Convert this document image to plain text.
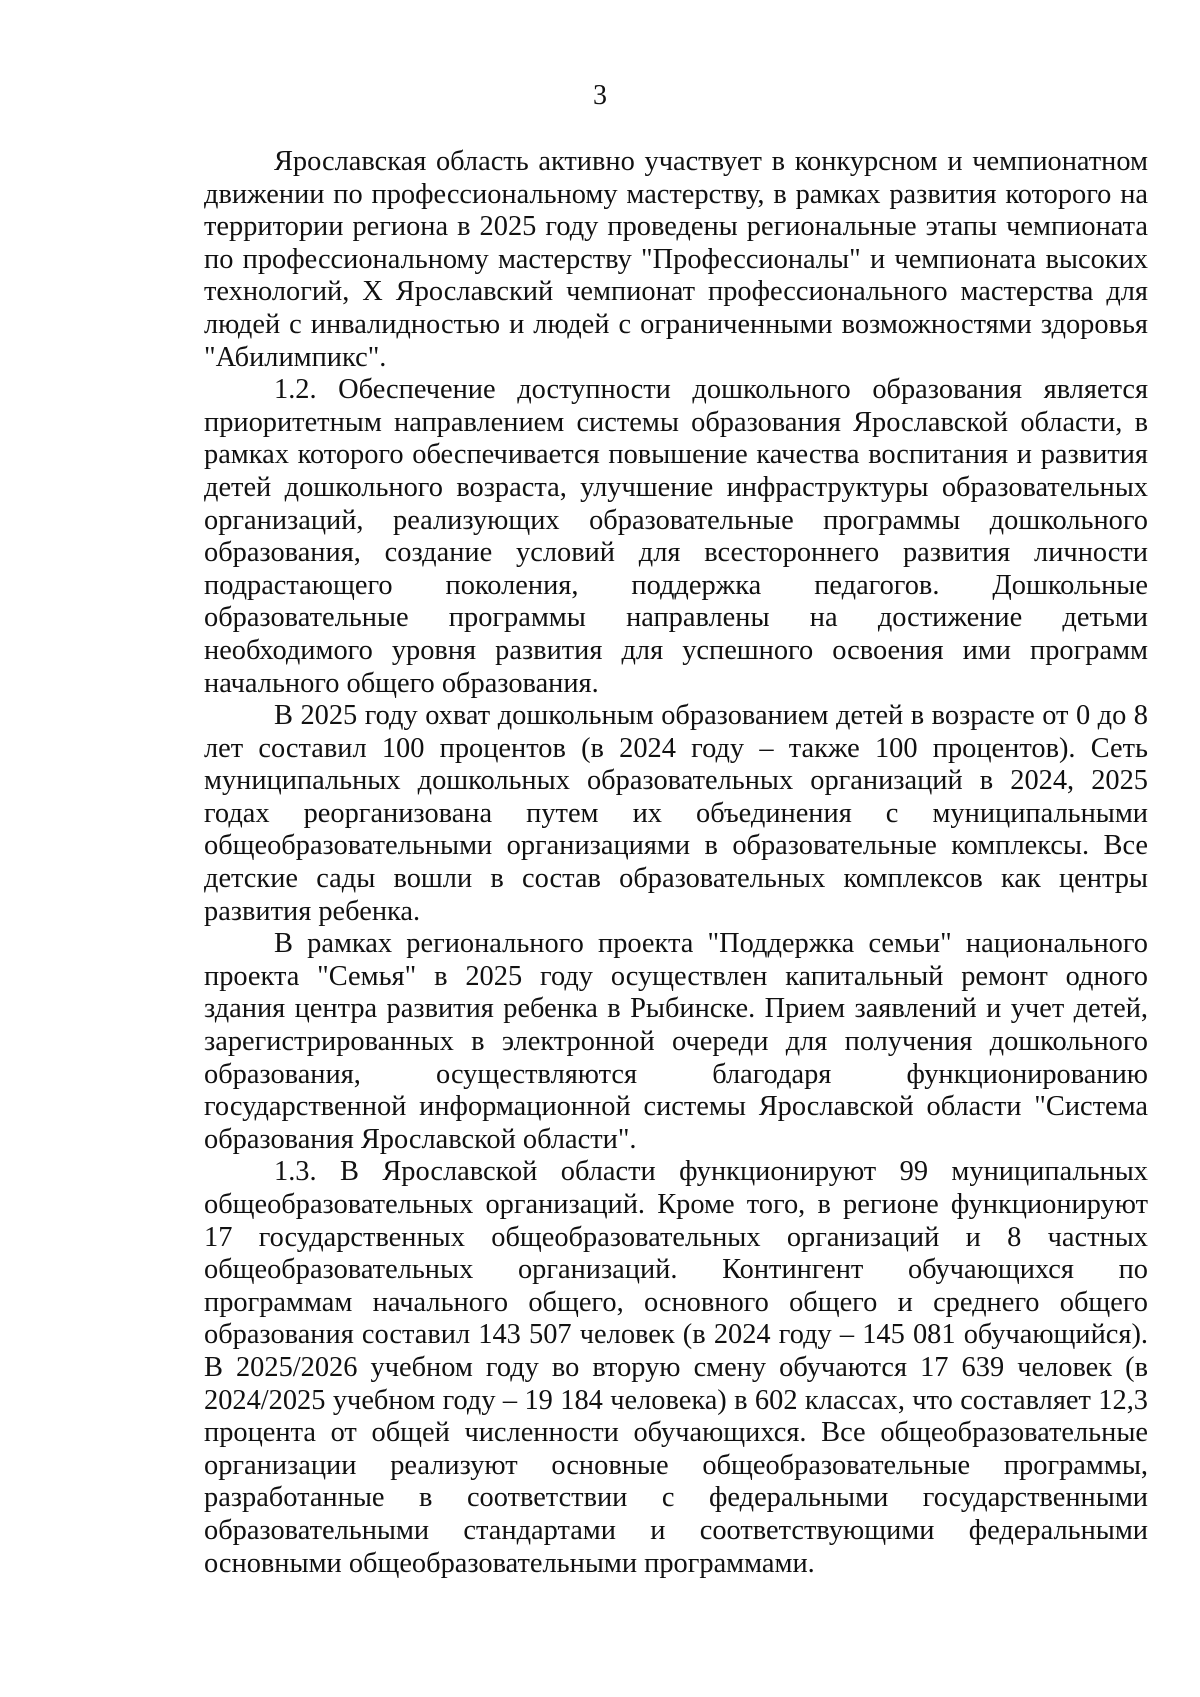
3

Ярославская область активно участвует в конкурсном и чемпионатном движении по профессиональному мастерству, в рамках развития которого на территории региона в 2025 году проведены региональные этапы чемпионата по профессиональному мастерству "Профессионалы" и чемпионата высоких технологий, X Ярославский чемпионат профессионального мастерства для людей с инвалидностью и людей с ограниченными возможностями здоровья "Абилимпикс".

1.2. Обеспечение доступности дошкольного образования является приоритетным направлением системы образования Ярославской области, в рамках которого обеспечивается повышение качества воспитания и развития детей дошкольного возраста, улучшение инфраструктуры образовательных организаций, реализующих образовательные программы дошкольного образования, создание условий для всестороннего развития личности подрастающего поколения, поддержка педагогов. Дошкольные образовательные программы направлены на достижение детьми необходимого уровня развития для успешного освоения ими программ начального общего образования.

В 2025 году охват дошкольным образованием детей в возрасте от 0 до 8 лет составил 100 процентов (в 2024 году – также 100 процентов). Сеть муниципальных дошкольных образовательных организаций в 2024, 2025 годах реорганизована путем их объединения с муниципальными общеобразовательными организациями в образовательные комплексы. Все детские сады вошли в состав образовательных комплексов как центры развития ребенка.

В рамках регионального проекта "Поддержка семьи" национального проекта "Семья" в 2025 году осуществлен капитальный ремонт одного здания центра развития ребенка в Рыбинске. Прием заявлений и учет детей, зарегистрированных в электронной очереди для получения дошкольного образования, осуществляются благодаря функционированию государственной информационной системы Ярославской области "Система образования Ярославской области".

1.3. В Ярославской области функционируют 99 муниципальных общеобразовательных организаций. Кроме того, в регионе функционируют 17 государственных общеобразовательных организаций и 8 частных общеобразовательных организаций. Контингент обучающихся по программам начального общего, основного общего и среднего общего образования составил 143 507 человек (в 2024 году – 145 081 обучающийся). В 2025/2026 учебном году во вторую смену обучаются 17 639 человек (в 2024/2025 учебном году – 19 184 человека) в 602 классах, что составляет 12,3 процента от общей численности обучающихся. Все общеобразовательные организации реализуют основные общеобразовательные программы, разработанные в соответствии с федеральными государственными образовательными стандартами и соответствующими федеральными основными общеобразовательными программами.
